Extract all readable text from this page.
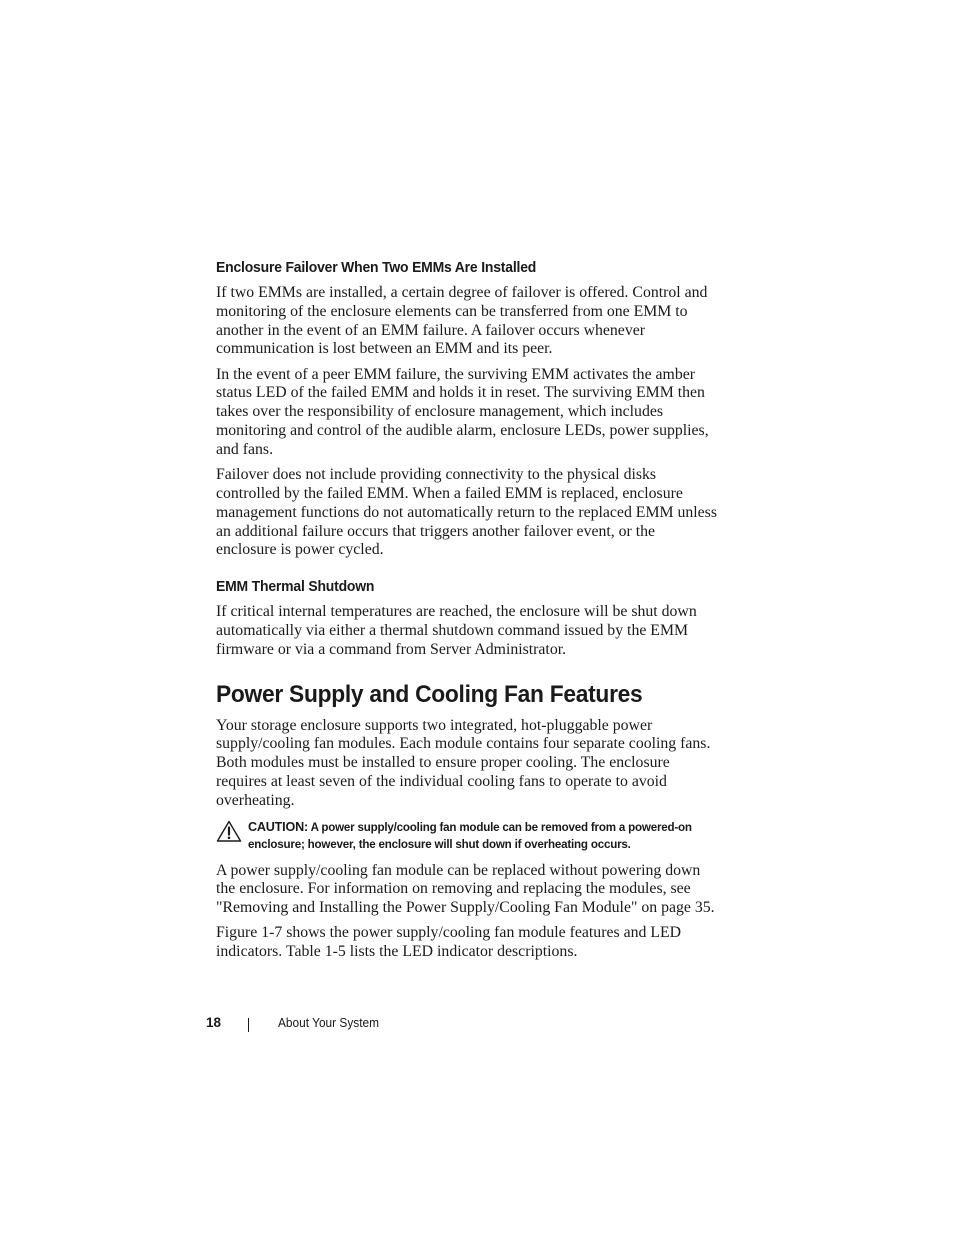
Enclosure Failover When Two EMMs Are Installed

If two EMMs are installed, a certain degree of failover is offered. Control and monitoring of the enclosure elements can be transferred from one EMM to another in the event of an EMM failure. A failover occurs whenever communication is lost between an EMM and its peer.

In the event of a peer EMM failure, the surviving EMM activates the amber status LED of the failed EMM and holds it in reset. The surviving EMM then takes over the responsibility of enclosure management, which includes monitoring and control of the audible alarm, enclosure LEDs, power supplies, and fans.

Failover does not include providing connectivity to the physical disks controlled by the failed EMM. When a failed EMM is replaced, enclosure management functions do not automatically return to the replaced EMM unless an additional failure occurs that triggers another failover event, or the enclosure is power cycled.

EMM Thermal Shutdown

If critical internal temperatures are reached, the enclosure will be shut down automatically via either a thermal shutdown command issued by the EMM firmware or via a command from Server Administrator.

Power Supply and Cooling Fan Features

Your storage enclosure supports two integrated, hot-pluggable power supply/cooling fan modules. Each module contains four separate cooling fans. Both modules must be installed to ensure proper cooling. The enclosure requires at least seven of the individual cooling fans to operate to avoid overheating.

CAUTION: A power supply/cooling fan module can be removed from a powered-on enclosure; however, the enclosure will shut down if overheating occurs.

A power supply/cooling fan module can be replaced without powering down the enclosure. For information on removing and replacing the modules, see "Removing and Installing the Power Supply/Cooling Fan Module" on page 35.

Figure 1-7 shows the power supply/cooling fan module features and LED indicators. Table 1-5 lists the LED indicator descriptions.

18	About Your System
